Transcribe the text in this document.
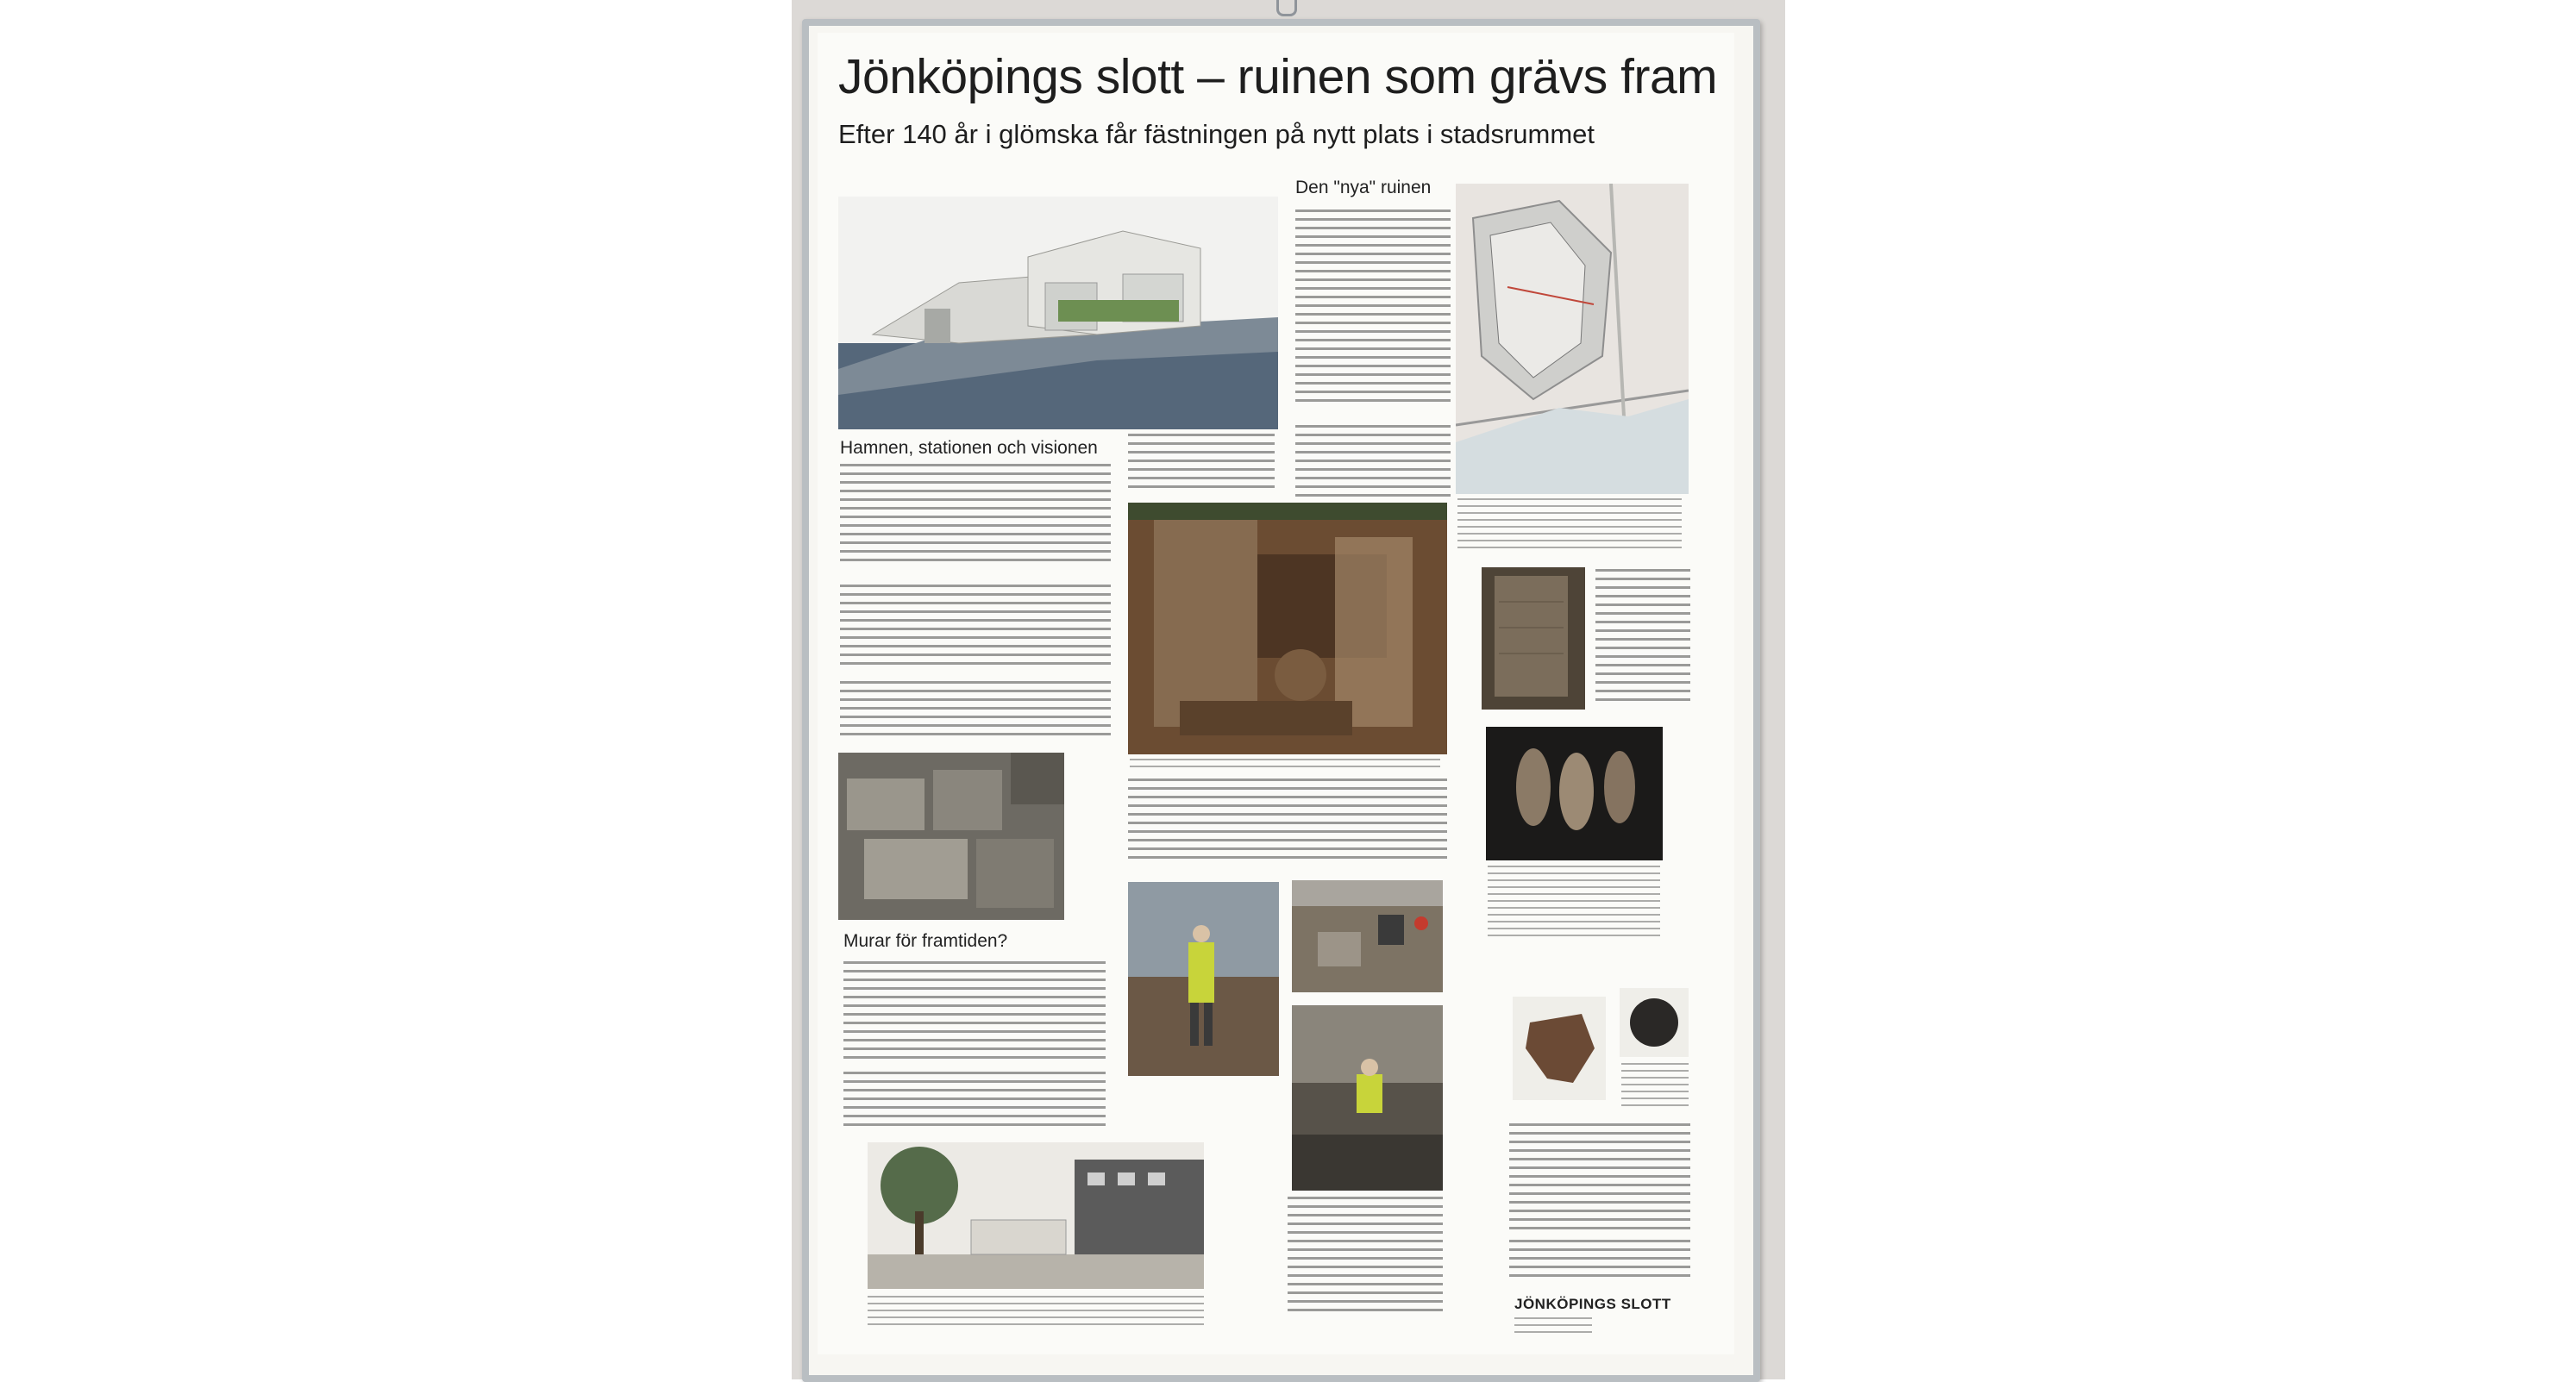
Jönköpings slott – ruinen som grävs fram
Efter 140 år i glömska får fästningen på nytt plats i stadsrummet
Hamnen, stationen och visionen
Den "nya" ruinen
Murar för framtiden?
JÖNKÖPINGS SLOTT
